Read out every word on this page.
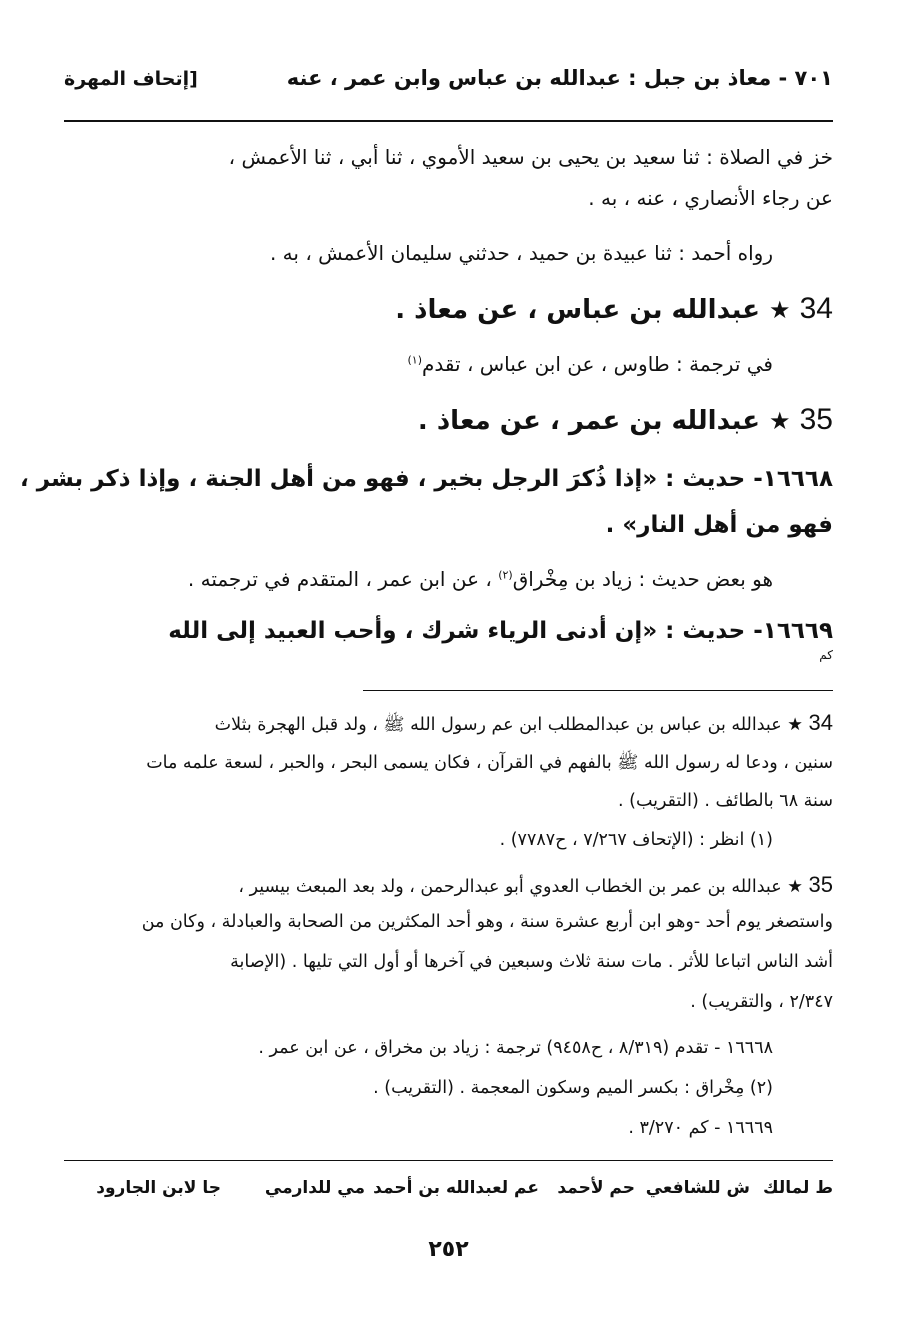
٧٠١ - معاذ بن جبل : عبدالله بن عباس وابن عمر ، عنه
[إتحاف المهرة
خز في الصلاة : ثنا سعيد بن يحيى بن سعيد الأموي ، ثنا أبي ، ثنا الأعمش ،
عن رجاء الأنصاري ، عنه ، به .
رواه أحمد : ثنا عبيدة بن حميد ، حدثني سليمان الأعمش ، به .
34 ★ عبدالله بن عباس ، عن معاذ .
في ترجمة : طاوس ، عن ابن عباس ، تقدم$^{(١)}$
35 ★ عبدالله بن عمر ، عن معاذ .
١٦٦٦٨- حديث : «إذا ذُكرَ الرجل بخير ، فهو من أهل الجنة ، وإذا ذكر بشر ،
فهو من أهل النار» .
هو بعض حديث : زياد بن مِخْراق$^{(٢)}$ ، عن ابن عمر ، المتقدم في ترجمته .
١٦٦٦٩- حديث : «إن أدنى الرياء شرك ، وأحب العبيد إلى الله
كم
34 ★ عبدالله بن عباس بن عبدالمطلب ابن عم رسول الله ﷺ ، ولد قبل الهجرة بثلاث
سنين ، ودعا له رسول الله ﷺ بالفهم في القرآن ، فكان يسمى البحر ، والحبر ، لسعة علمه مات
سنة ٦٨ بالطائف . (التقريب) .
(١) انظر : (الإتحاف ٧/٢٦٧ ، ح٧٧٨٧) .
35 ★ عبدالله بن عمر بن الخطاب العدوي أبو عبدالرحمن ، ولد بعد المبعث بيسير ،
واستصغر يوم أحد -وهو ابن أربع عشرة سنة ، وهو أحد المكثرين من الصحابة والعبادلة ، وكان من
أشد الناس اتباعا للأثر . مات سنة ثلاث وسبعين في آخرها أو أول التي تليها . (الإصابة
٢/٣٤٧ ، والتقريب) .
١٦٦٦٨ - تقدم (٨/٣١٩ ، ح٩٤٥٨) ترجمة : زياد بن مخراق ، عن ابن عمر .
(٢) مِخْراق : بكسر الميم وسكون المعجمة . (التقريب) .
١٦٦٦٩ - كم ٣/٢٧٠ .
ط لمالك
ش للشافعي
حم لأحمد
عم لعبدالله بن أحمد
مي للدارمي
جا لابن الجارود
٢٥٢
